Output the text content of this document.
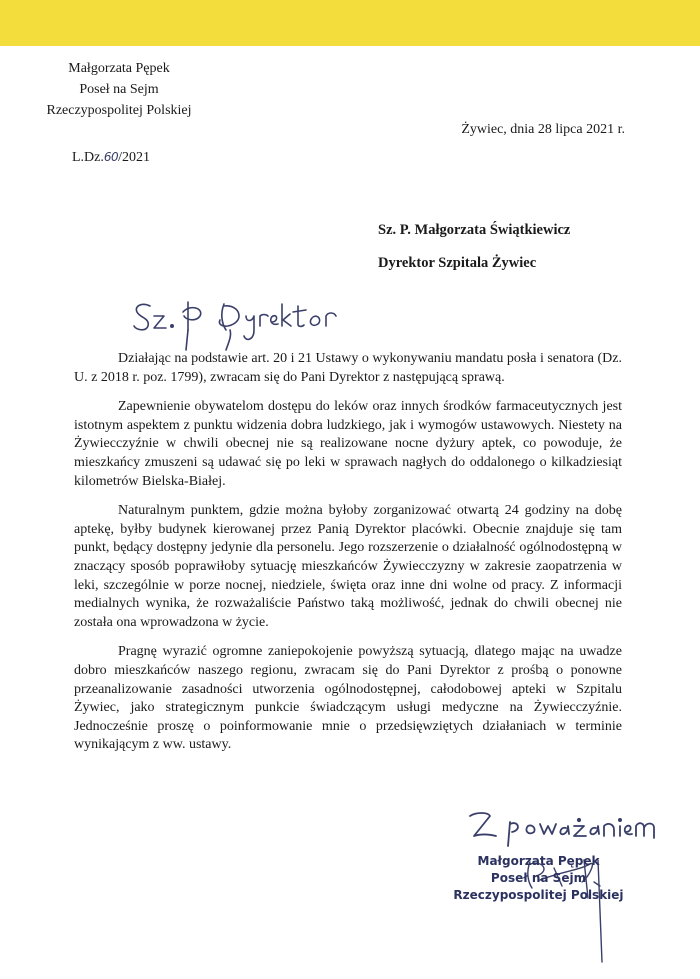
Małgorzata Pępek
Poseł na Sejm
Rzeczypospolitej Polskiej
Żywiec, dnia 28 lipca 2021 r.
L.Dz.60/2021
Sz. P. Małgorzata Świątkiewicz
Dyrektor Szpitala Żywiec

Działając na podstawie art. 20 i 21 Ustawy o wykonywaniu mandatu posła i senatora (Dz. U. z 2018 r. poz. 1799), zwracam się do Pani Dyrektor z następującą sprawą.

Zapewnienie obywatelom dostępu do leków oraz innych środków farmaceutycznych jest istotnym aspektem z punktu widzenia dobra ludzkiego, jak i wymogów ustawowych. Niestety na Żywiecczyźnie w chwili obecnej nie są realizowane nocne dyżury aptek, co powoduje, że mieszkańcy zmuszeni są udawać się po leki w sprawach nagłych do oddalonego o kilkadziesiąt kilometrów Bielska-Białej.

Naturalnym punktem, gdzie można byłoby zorganizować otwartą 24 godziny na dobę aptekę, byłby budynek kierowanej przez Panią Dyrektor placówki. Obecnie znajduje się tam punkt, będący dostępny jedynie dla personelu. Jego rozszerzenie o działalność ogólnodostępną w znaczący sposób poprawiłoby sytuację mieszkańców Żywiecczyzny w zakresie zaopatrzenia w leki, szczególnie w porze nocnej, niedziele, święta oraz inne dni wolne od pracy. Z informacji medialnych wynika, że rozważaliście Państwo taką możliwość, jednak do chwili obecnej nie została ona wprowadzona w życie.

Pragnę wyrazić ogromne zaniepokojenie powyższą sytuacją, dlatego mając na uwadze dobro mieszkańców naszego regionu, zwracam się do Pani Dyrektor z prośbą o ponowne przeanalizowanie zasadności utworzenia ogólnodostępnej, całodobowej apteki w Szpitalu Żywiec, jako strategicznym punkcie świadczącym usługi medyczne na Żywiecczyźnie. Jednocześnie proszę o poinformowanie mnie o przedsięwziętych działaniach w terminie wynikającym z ww. ustawy.

Małgorzata Pępek
Poseł na Sejm
Rzeczypospolitej Polskiej
